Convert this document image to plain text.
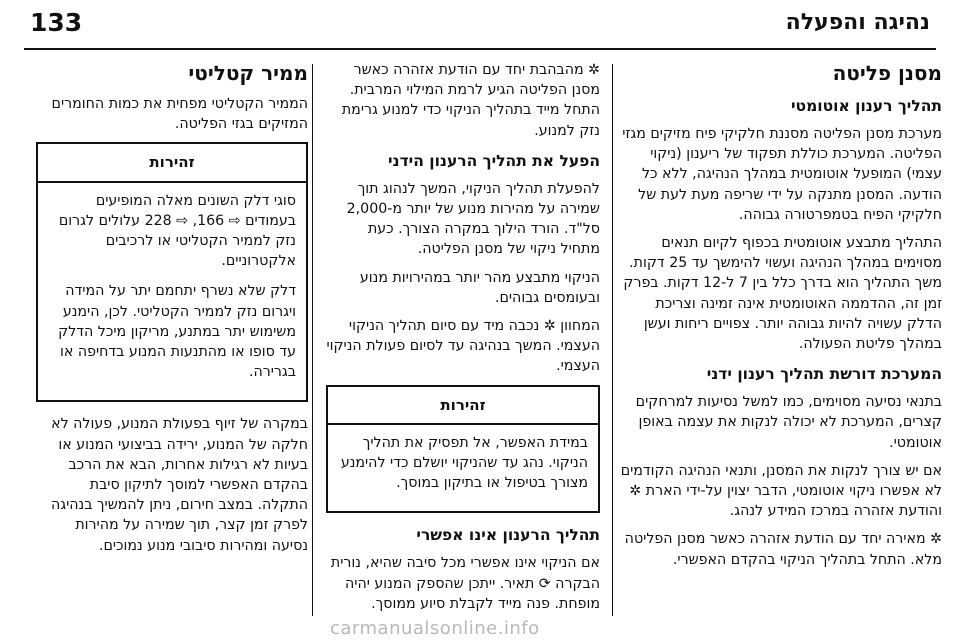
133	נהיגה והפעלה
מסנן פליטה
תהליך רענון אוטומטי

מערכת מסנן הפליטה מסננת חלקיקי פיח מזיקים מגזי הפליטה. המערכת כוללת תפקוד של ריענון (ניקוי עצמי) המופעל אוטומטית במהלך הנהיגה, ללא כל הודעה. המסנן מתנקה על ידי שריפה מעת לעת של חלקיקי הפיח בטמפרטורה גבוהה.

התהליך מתבצע אוטומטית בכפוף לקיום תנאים מסוימים במהלך הנהיגה ועשוי להימשך עד 25 דקות. משך התהליך הוא בדרך כלל בין 7 ל-12 דקות. בפרק זמן זה, ההדממה האוטומטית אינה זמינה וצריכת הדלק עשויה להיות גבוהה יותר. צפויים ריחות ועשן במהלך פליטת הפעולה.

המערכת דורשת תהליך רענון ידני

בתנאי נסיעה מסוימים, כמו למשל נסיעות למרחקים קצרים, המערכת לא יכולה לנקות את עצמה באופן אוטומטי.

אם יש צורך לנקות את המסנן, ותנאי הנהיגה הקודמים לא אפשרו ניקוי אוטומטי, הדבר יצוין על-ידי הארת ✲ והודעת אזהרה במרכז המידע לנהג.

✲ מאירה יחד עם הודעת אזהרה כאשר מסנן הפליטה מלא. התחל בתהליך הניקוי בהקדם האפשרי.

✲ מהבהבת יחד עם הודעת אזהרה כאשר מסנן הפליטה הגיע לרמת המילוי המרבית. התחל מייד בתהליך הניקוי כדי למנוע גרימת נזק למנוע.

הפעל את תהליך הרענון הידני

להפעלת תהליך הניקוי, המשך לנהוג תוך שמירה על מהירות מנוע של יותר מ-2,000 סל"ד. הורד הילוך במקרה הצורך. כעת מתחיל ניקוי של מסנן הפליטה.

הניקוי מתבצע מהר יותר במהירויות מנוע ובעומסים גבוהים.

המחוון ✲ נכבה מיד עם סיום תהליך הניקוי העצמי. המשך בנהיגה עד לסיום פעולת הניקוי העצמי.

זהירות

במידת האפשר, אל תפסיק את תהליך הניקוי. נהג עד שהניקוי יושלם כדי להימנע מצורך בטיפול או בתיקון במוסך.

תהליך הרענון אינו אפשרי

אם הניקוי אינו אפשרי מכל סיבה שהיא, נורית הבקרה ⟳ תאיר. ייתכן שהספק המנוע יהיה מופחת. פנה מייד לקבלת סיוע ממוסך.

ממיר קטליטי

הממיר הקטליטי מפחית את כמות החומרים המזיקים בגזי הפליטה.

זהירות

סוגי דלק השונים מאלה המופיעים בעמודים ⇨ 166, ⇨ 228 עלולים לגרום נזק לממיר הקטליטי או לרכיבים אלקטרוניים.

דלק שלא נשרף יתחמם יתר על המידה ויגרום נזק לממיר הקטליטי. לכן, הימנע משימוש יתר במתנע, מריקון מיכל הדלק עד סופו או מהתנעות המנוע בדחיפה או בגרירה.

במקרה של זיוף בפעולת המנוע, פעולה לא חלקה של המנוע, ירידה בביצועי המנוע או בעיות לא רגילות אחרות, הבא את הרכב בהקדם האפשרי למוסך לתיקון סיבת התקלה. במצב חירום, ניתן להמשיך בנהיגה לפרק זמן קצר, תוך שמירה על מהירות נסיעה ומהירות סיבובי מנוע נמוכים.

carmanualsonline.info
